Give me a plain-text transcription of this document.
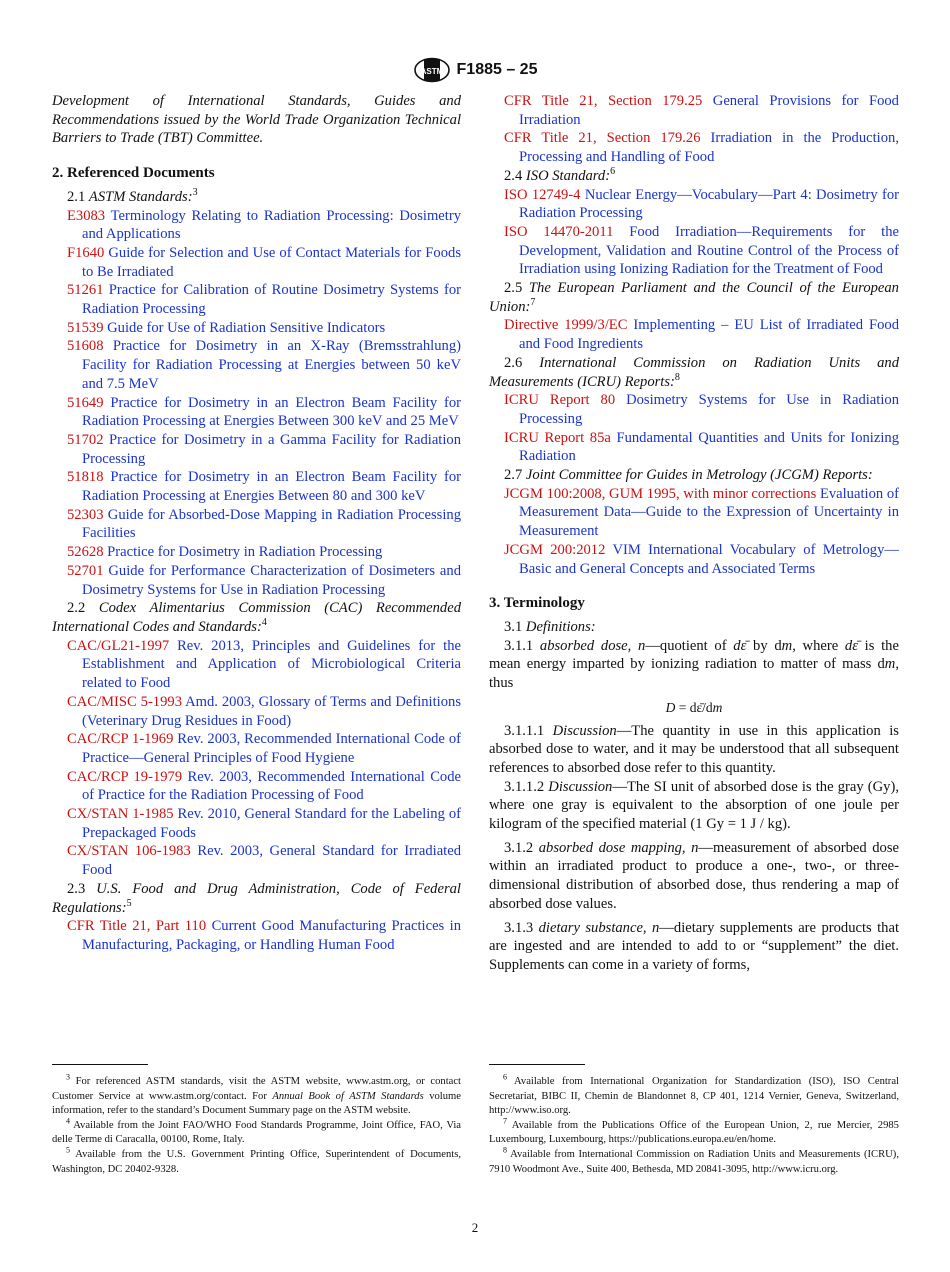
ASTM F1885 – 25

Development of International Standards, Guides and Recommendations issued by the World Trade Organization Technical Barriers to Trade (TBT) Committee.

2. Referenced Documents

2.1 ASTM Standards:$^3$

E3083 Terminology Relating to Radiation Processing: Dosimetry and Applications

F1640 Guide for Selection and Use of Contact Materials for Foods to Be Irradiated

51261 Practice for Calibration of Routine Dosimetry Systems for Radiation Processing

51539 Guide for Use of Radiation Sensitive Indicators

51608 Practice for Dosimetry in an X-Ray (Bremsstrahlung) Facility for Radiation Processing at Energies between 50 keV and 7.5 MeV

51649 Practice for Dosimetry in an Electron Beam Facility for Radiation Processing at Energies Between 300 keV and 25 MeV

51702 Practice for Dosimetry in a Gamma Facility for Radiation Processing

51818 Practice for Dosimetry in an Electron Beam Facility for Radiation Processing at Energies Between 80 and 300 keV

52303 Guide for Absorbed-Dose Mapping in Radiation Processing Facilities

52628 Practice for Dosimetry in Radiation Processing

52701 Guide for Performance Characterization of Dosimeters and Dosimetry Systems for Use in Radiation Processing

2.2 Codex Alimentarius Commission (CAC) Recommended International Codes and Standards:$^4$

CAC/GL21-1997 Rev. 2013, Principles and Guidelines for the Establishment and Application of Microbiological Criteria related to Food

CAC/MISC 5-1993 Amd. 2003, Glossary of Terms and Definitions (Veterinary Drug Residues in Food)

CAC/RCP 1-1969 Rev. 2003, Recommended International Code of Practice—General Principles of Food Hygiene

CAC/RCP 19-1979 Rev. 2003, Recommended International Code of Practice for the Radiation Processing of Food

CX/STAN 1-1985 Rev. 2010, General Standard for the Labeling of Prepackaged Foods

CX/STAN 106-1983 Rev. 2003, General Standard for Irradiated Food

2.3 U.S. Food and Drug Administration, Code of Federal Regulations:$^5$

CFR Title 21, Part 110 Current Good Manufacturing Practices in Manufacturing, Packaging, or Handling Human Food

CFR Title 21, Section 179.25 General Provisions for Food Irradiation

CFR Title 21, Section 179.26 Irradiation in the Production, Processing and Handling of Food

2.4 ISO Standard:$^6$

ISO 12749-4 Nuclear Energy—Vocabulary—Part 4: Dosimetry for Radiation Processing

ISO 14470-2011 Food Irradiation—Requirements for the Development, Validation and Routine Control of the Process of Irradiation using Ionizing Radiation for the Treatment of Food

2.5 The European Parliament and the Council of the European Union:$^7$

Directive 1999/3/EC Implementing – EU List of Irradiated Food and Food Ingredients

2.6 International Commission on Radiation Units and Measurements (ICRU) Reports:$^8$

ICRU Report 80 Dosimetry Systems for Use in Radiation Processing

ICRU Report 85a Fundamental Quantities and Units for Ionizing Radiation

2.7 Joint Committee for Guides in Metrology (JCGM) Reports:

JCGM 100:2008, GUM 1995, with minor corrections Evaluation of Measurement Data—Guide to the Expression of Uncertainty in Measurement

JCGM 200:2012 VIM International Vocabulary of Metrology—Basic and General Concepts and Associated Terms

3. Terminology

3.1 Definitions:

3.1.1 absorbed dose, n—quotient of dε̄ by dm, where dε̄ is the mean energy imparted by ionizing radiation to matter of mass dm, thus

D = dε̄/dm

3.1.1.1 Discussion—The quantity in use in this application is absorbed dose to water, and it may be understood that all subsequent references to absorbed dose refer to this quantity.

3.1.1.2 Discussion—The SI unit of absorbed dose is the gray (Gy), where one gray is equivalent to the absorption of one joule per kilogram of the specified material (1 Gy = 1 J / kg).

3.1.2 absorbed dose mapping, n—measurement of absorbed dose within an irradiated product to produce a one-, two-, or three-dimensional distribution of absorbed dose, thus rendering a map of absorbed dose values.

3.1.3 dietary substance, n—dietary supplements are products that are ingested and are intended to add to or “supplement” the diet. Supplements can come in a variety of forms,

$^3$ For referenced ASTM standards, visit the ASTM website, www.astm.org, or contact Customer Service at www.astm.org/contact. For Annual Book of ASTM Standards volume information, refer to the standard’s Document Summary page on the ASTM website.

$^4$ Available from the Joint FAO/WHO Food Standards Programme, Joint Office, FAO, Via delle Terme di Caracalla, 00100, Rome, Italy.

$^5$ Available from the U.S. Government Printing Office, Superintendent of Documents, Washington, DC 20402-9328.

$^6$ Available from International Organization for Standardization (ISO), ISO Central Secretariat, BIBC II, Chemin de Blandonnet 8, CP 401, 1214 Vernier, Geneva, Switzerland, http://www.iso.org.

$^7$ Available from the Publications Office of the European Union, 2, rue Mercier, 2985 Luxembourg, Luxembourg, https://publications.europa.eu/en/home.

$^8$ Available from International Commission on Radiation Units and Measurements (ICRU), 7910 Woodmont Ave., Suite 400, Bethesda, MD 20841-3095, http://www.icru.org.

2
